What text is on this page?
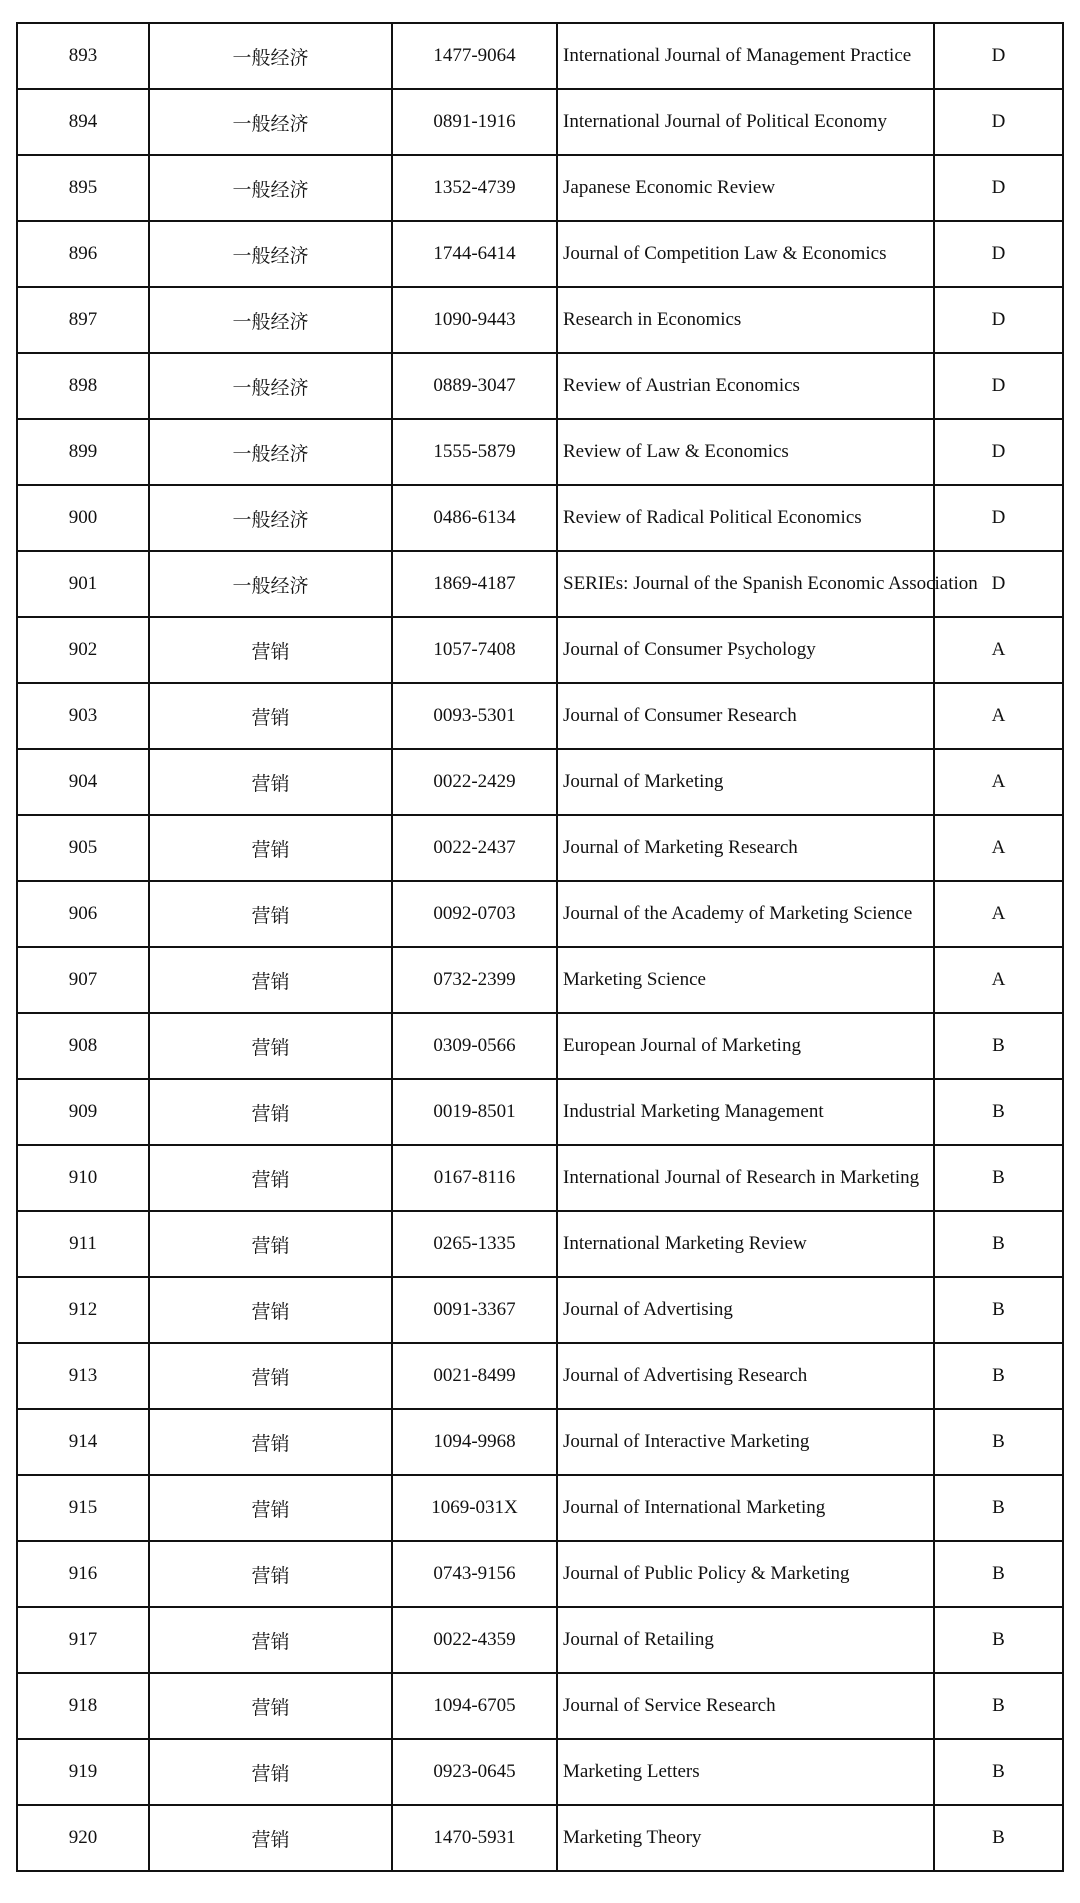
893	一般经济	1477-9064	International Journal of Management Practice	D
894	一般经济	0891-1916	International Journal of Political Economy	D
895	一般经济	1352-4739	Japanese Economic Review	D
896	一般经济	1744-6414	Journal of Competition Law & Economics	D
897	一般经济	1090-9443	Research in Economics	D
898	一般经济	0889-3047	Review of Austrian Economics	D
899	一般经济	1555-5879	Review of Law & Economics	D
900	一般经济	0486-6134	Review of Radical Political Economics	D
901	一般经济	1869-4187	SERIEs: Journal of the Spanish Economic Association	D
902	营销	1057-7408	Journal of Consumer Psychology	A
903	营销	0093-5301	Journal of Consumer Research	A
904	营销	0022-2429	Journal of Marketing	A
905	营销	0022-2437	Journal of Marketing Research	A
906	营销	0092-0703	Journal of the Academy of Marketing Science	A
907	营销	0732-2399	Marketing Science	A
908	营销	0309-0566	European Journal of Marketing	B
909	营销	0019-8501	Industrial Marketing Management	B
910	营销	0167-8116	International Journal of Research in Marketing	B
911	营销	0265-1335	International Marketing Review	B
912	营销	0091-3367	Journal of Advertising	B
913	营销	0021-8499	Journal of Advertising Research	B
914	营销	1094-9968	Journal of Interactive Marketing	B
915	营销	1069-031X	Journal of International Marketing	B
916	营销	0743-9156	Journal of Public Policy & Marketing	B
917	营销	0022-4359	Journal of Retailing	B
918	营销	1094-6705	Journal of Service Research	B
919	营销	0923-0645	Marketing Letters	B
920	营销	1470-5931	Marketing Theory	B
